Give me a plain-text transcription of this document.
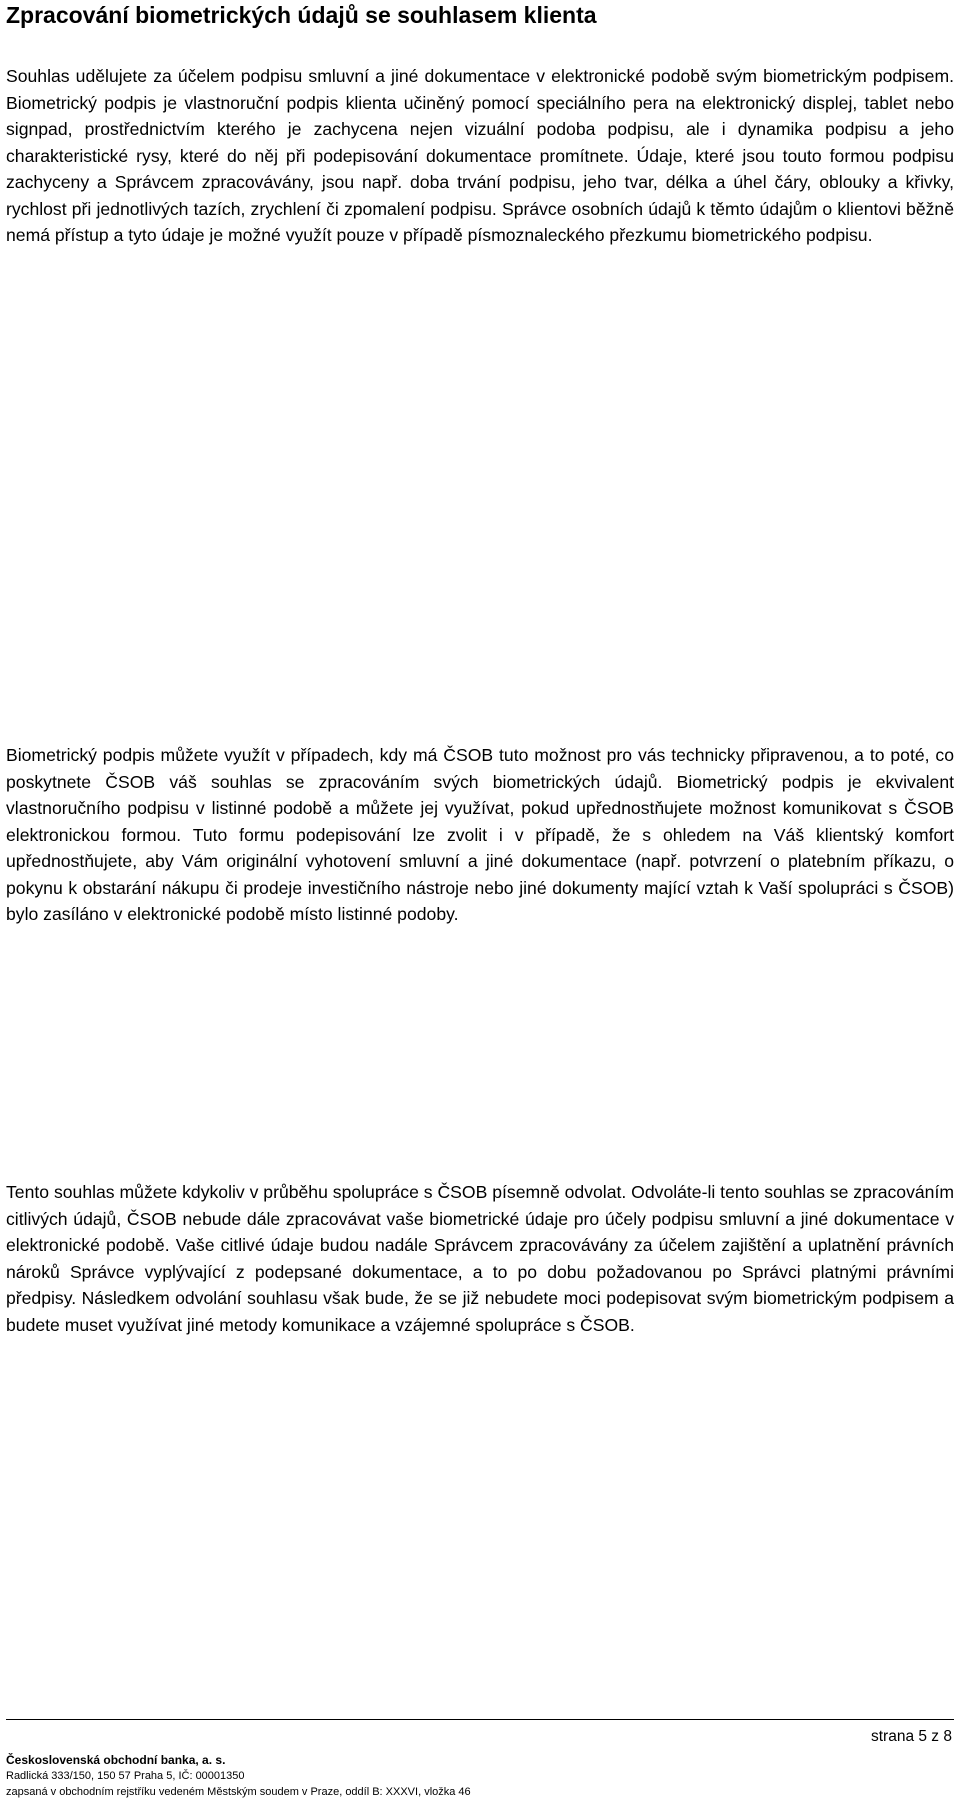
Zpracování biometrických údajů se souhlasem klienta

Souhlas udělujete za účelem podpisu smluvní a jiné dokumentace v elektronické podobě svým biometrickým podpisem. Biometrický podpis je vlastnoruční podpis klienta učiněný pomocí speciálního pera na elektronický displej, tablet nebo signpad, prostřednictvím kterého je zachycena nejen vizuální podoba podpisu, ale i dynamika podpisu a jeho charakteristické rysy, které do něj při podepisování dokumentace promítnete. Údaje, které jsou touto formou podpisu zachyceny a Správcem zpracovávány, jsou např. doba trvání podpisu, jeho tvar, délka a úhel čáry, oblouky a křivky, rychlost při jednotlivých tazích, zrychlení či zpomalení podpisu. Správce osobních údajů k těmto údajům o klientovi běžně nemá přístup a tyto údaje je možné využít pouze v případě písmoznaleckého přezkumu biometrického podpisu.

Biometrický podpis můžete využít v případech, kdy má ČSOB tuto možnost pro vás technicky připravenou, a to poté, co poskytnete ČSOB váš souhlas se zpracováním svých biometrických údajů. Biometrický podpis je ekvivalent vlastnoručního podpisu v listinné podobě a můžete jej využívat, pokud upřednostňujete možnost komunikovat s ČSOB elektronickou formou. Tuto formu podepisování lze zvolit i v případě, že s ohledem na Váš klientský komfort upřednostňujete, aby Vám originální vyhotovení smluvní a jiné dokumentace (např. potvrzení o platebním příkazu, o pokynu k obstarání nákupu či prodeje investičního nástroje nebo jiné dokumenty mající vztah k Vaší spolupráci s ČSOB) bylo zasíláno v elektronické podobě místo listinné podoby.

Tento souhlas můžete kdykoliv v průběhu spolupráce s ČSOB písemně odvolat. Odvoláte-li tento souhlas se zpracováním citlivých údajů, ČSOB nebude dále zpracovávat vaše biometrické údaje pro účely podpisu smluvní a jiné dokumentace v elektronické podobě. Vaše citlivé údaje budou nadále Správcem zpracovávány za účelem zajištění a uplatnění právních nároků Správce vyplývající z podepsané dokumentace, a to po dobu požadovanou po Správci platnými právními předpisy. Následkem odvolání souhlasu však bude, že se již nebudete moci podepisovat svým biometrickým podpisem a budete muset využívat jiné metody komunikace a vzájemné spolupráce s ČSOB.

strana 5 z 8
Československá obchodní banka, a. s.
Radlická 333/150, 150 57 Praha 5, IČ: 00001350
zapsaná v obchodním rejstříku vedeném Městským soudem v Praze, oddíl B: XXXVI, vložka 46
